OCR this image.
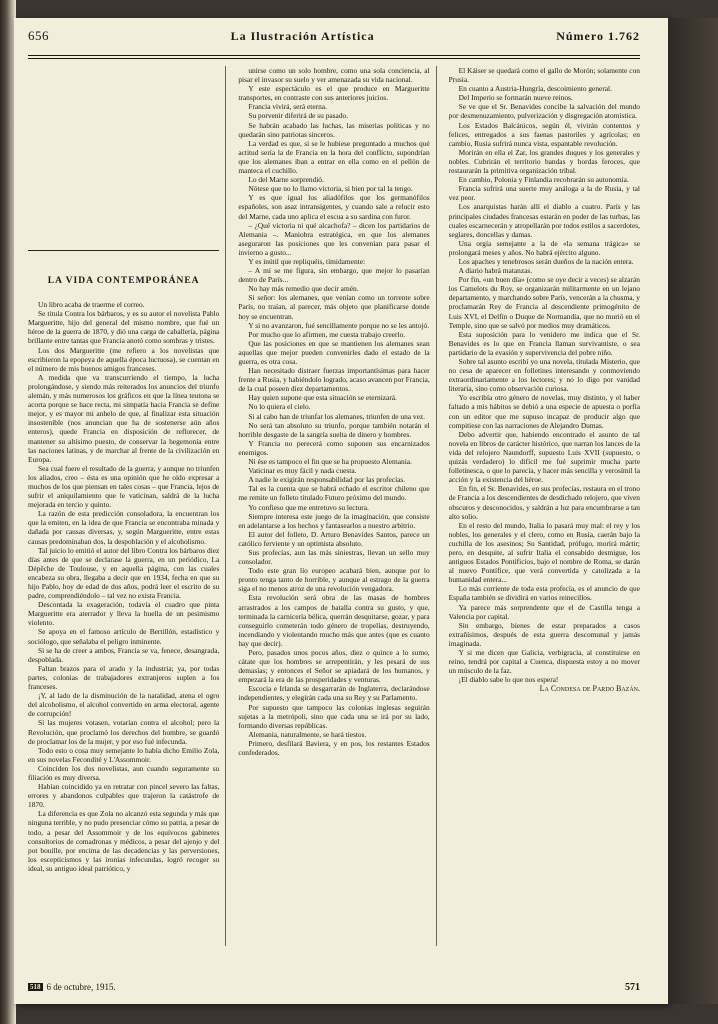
656	La Ilustración Artística	Número 1.762
LA VIDA CONTEMPORÁNEA

Un libro acaba de traerme el correo.

Se titula Contra los bárbaros, y es su autor el novelista Pablo Margueritte, hijo del general del mismo nombre, que fué un héroe de la guerra de 1870, y dió una carga de caballería, página brillante entre tantas que Francia anotó como sombras y tristes.

Los dos Margueritte (me refiero a los novelistas que escribieron la epopeya de aquella época luctuosa), se cuentan en el número de mis buenos amigos franceses.

A medida que va transcurriendo el tiempo, la lucha prolongándose, y siendo más reiterados los anuncios del triunfo alemán, y más numerosos los gráficos en que la línea teutona se acorta porque se hace recta, mi simpatía hacia Francia se define mejor, y es mayor mi anhelo de que, al finalizar esta situación insostenible (nos anuncian que ha de sostenerse aún años enteros), quede Francia en disposición de reflorecer, de mantener su altísimo puesto, de conservar la hegemonía entre las naciones latinas, y de marchar al frente de la civilización en Europa.

Sea cual fuere el resultado de la guerra, y aunque no triunfen los aliados, creo – ésta es una opinión que he oído expresar a muchos de los que piensan en tales cosas – que Francia, lejos de sufrir el aniquilamiento que le vaticinan, saldrá de la lucha mejorada en tercio y quinto.

La razón de esta predicción consoladora, la encuentran los que la emiten, en la idea de que Francia se encontraba minada y dañada por causas diversas, y, según Margueritte, entre estas causas predominaban dos, la despoblación y el alcoholismo.

Tal juicio lo emitió el autor del libro Contra los bárbaros diez días antes de que se declarase la guerra, en un periódico, La Dépêche de Toulouse, y en aquella página, con las cuales encabeza su obra, llegaba a decir que en 1934, fecha en que su hijo Pablo, hoy de edad de dos años, podrá leer el escrito de su padre, comprendiéndolo – tal vez no exista Francia.

Descontada la exageración, todavía el cuadro que pinta Margueritte era aterrador y lleva la huella de un pesimismo violento.

Se apoya en el famoso artículo de Bertillón, estadístico y sociólogo, que señalaba el peligro inminente.

Si se ha de creer a ambos, Francia se va, fenece, desangrada, despoblada.

Faltan brazos para el arado y la industria; ya, por todas partes, colonias de trabajadores extranjeros suplen a los franceses.

¡Y, al lado de la disminución de la natalidad, atena el ogro del alcoholismo, el alcohol convertido en arma electoral, agente de corrupción!

Si las mujeres votasen, votarían contra el alcohol; pero la Revolución, que proclamó los derechos del hombre, se guardó de proclamar los de la mujer, y por eso fué infecunda.

Todo esto o cosa muy semejante lo había dicho Emilio Zola, en sus novelas Fecondité y L'Assommoir.

Coinciden los dos novelistas, aun cuando seguramente su filiación es muy diversa.

Habían coincidido ya en retratar con pincel severo las faltas, errores y abandonos culpables que trajeron la catástrofe de 1870.

La diferencia es que Zola no alcanzó esta segunda y más que ninguna terrible, y no pudo presenciar cómo su patria, a pesar de todo, a pesar del Assommoir y de los equívocos gabinetes consultorios de comadronas y médicos, a pesar del ajenjo y del pot bouille, por encima de las decadencias y las perversiones, los escepticismos y las ironías infecundas, logró recoger su ideal, su antiguo ideal patriótico, y

unirse como un solo hombre, como una sola conciencia, al pisar el invasor su suelo y ver amenazada su vida nacional.

Y este espectáculo es el que produce en Margueritte transportes, en contraste con sus anteriores juicios.

Francia vivirá, será eterna.

Su porvenir diferirá de su pasado.

Se habrán acabado las luchas, las miserias políticas y no quedarán sino patriotas sinceros.

La verdad es que, si se le hubiese preguntado a muchos qué actitud sería la de Francia en la hora del conflicto, supondrían que los alemanes iban a entrar en ella como en el pellón de manteca el cuchillo.

Lo del Marne sorprendió.

Nótese que no lo llamo victoria, si bien por tal la tengo.

Y es que igual los aliadófilos que los germanófilos españoles, son asaz intransigentes, y cuando sale a relucir esto del Marne, cada uno aplica el escua a su sardina con furor.

– ¿Qué victoria ni qué alcachofa? – dicen los partidarios de Alemania –. Maniobra estratégica, en que los alemanes aseguraron las posiciones que les convenían para pasar el invierno a gusto...

Y es inútil que repliquéis, tímidamente:

– A mí se me figura, sin embargo, que mejor lo pasarían dentro de París...

No hay más remedio que decir amén.

Si señor: los alemanes, que venían como un torrente sobre París, no traían, al parecer, más objeto que planificarse donde hoy se encuentran.

Y si no avanzaron, fué sencillamente porque no se les antojó.

Por mucho que lo afirmen, me cuesta trabajo creerlo.

Que las posiciones en que se mantienen los alemanes sean aquellas que mejor pueden convenirles dado el estado de la guerra, es otra cosa.

Han necesitado distraer fuerzas importantísimas para hacer frente a Rusia, y habiéndolo logrado, acaso avancen por Francia, de la cual poseen diez departamentos.

Hay quien supone que esta situación se eternizará.

No lo quiera el cielo.

Si al cabo han de triunfar los alemanes, triunfen de una vez.

No será tan absoluto su triunfo, porque también notarán el horrible desgaste de la sangría suelta de dinero y hombres.

Y Francia no perecerá como suponen sus encarnizados enemigos.

Ni ése es tampoco el fin que se ha propuesto Alemania.

Vaticinar es muy fácil y nada cuesta.

A nadie le exigirán responsabilidad por las profecías.

Tal es la cuenta que se habrá echado el escritor chileno que me remite un folleto titulado Futuro próximo del mundo.

Yo confieso que me entretuvo su lectura.

Siempre interesa este juego de la imaginación, que consiste en adelantarse a los hechos y fantasearlos a nuestro arbitrio.

El autor del folleto, D. Arturo Benavides Santos, parece un católico ferviente y un optimista absoluto.

Sus profecías, aun las más siniestras, llevan un sello muy consolador.

Todo este gran lío europeo acabará bien, aunque por lo pronto tenga tanto de horrible, y aunque al estrago de la guerra siga el no menos atroz de una revolución vengadora.

Esta revolución será obra de las masas de hombres arrastrados a los campos de batalla contra su gusto, y que, terminada la carnicería bélica, querrán desquitarse, gozar, y para conseguirlo cometerán todo género de tropelías, destruyendo, incendiando y violentando mucho más que antes (que es cuanto hay que decir).

Pero, pasados unos pocos años, diez o quince a lo sumo, cátate que los hombres se arrepentirán, y les pesará de sus demasías; y entonces el Señor se apiadará de los humanos, y empezará la era de las prosperidades y venturas.

Escocia e Irlanda se desgarrarán de Inglaterra, declarándose independientes, y elegirán cada una su Rey y su Parlamento.

Por supuesto que tampoco las colonias inglesas seguirán sujetas a la metrópoli, sino que cada una se irá por su lado, formando diversas repúblicas.

Alemania, naturalmente, se hará tiestos.

Primero, desfilará Baviera, y en pos, los restantes Estados confederados.

El Káiser se quedará como el gallo de Morón; solamente con Prusia.

En cuanto a Austria-Hungría, descoimiento general.

Del Imperio se formarán nueve reinos.

Se ve que el Sr. Benavides concibe la salvación del mundo por desmenuzamiento, pulverización y disgregación atomística.

Los Estados Balcánicos, según él, vivirán contentos y felices, entregados a sus faenas pastoriles y agrícolas; en cambio, Rusia sufrirá nunca vista, espantable revolución.

Morirán en ella el Zar, los grandes duques y los generales y nobles. Cubrirán el territorio bandas y hordas feroces, que restaurarán la primitiva organización tribal.

En cambio, Polonia y Finlandia recobrarán su autonomía.

Francia sufrirá una suerte muy análoga a la de Rusia, y tal vez peor.

Los anarquistas harán allí el diablo a cuatro. París y las principales ciudades francesas estarán en poder de las turbas, las cuales escarnecerán y atropellarán por todos estilos a sacerdotes, seglares, doncellas y damas.

Una orgía semejante a la de «la semana trágica» se prolongará meses y años. No habrá ejército alguno.

Los apaches y tenebrosos serán dueños de la nación entera.

A diario habrá matanzas.

Por fin, «un buen día» (como se oye decir a veces) se alzarán los Camelots du Roy, se organizarán militarmente en un lejano departamento, y marchando sobre París, vencerán a la chusma, y proclamarán Rey de Francia al descendiente primogénito de Luis XVI, el Delfín o Duque de Normandía, que no murió en el Temple, sino que se salvó por medios muy dramáticos.

Esta suposición para lo venidero me indica que el Sr. Benavides es lo que en Francia llaman survivantiste, o sea partidario de la evasión y supervivencia del pobre niño.

Sobre tal asunto escribí yo una novela, titulada Misterio, que no cesa de aparecer en folletines interesando y conmoviendo extraordinariamente a los lectores; y no lo digo por vanidad literaria, sino como observación curiosa.

Yo escribía otro género de novelas, muy distinto, y el haber faltado a mis hábitos se debió a una especie de apuesta o porfía con un editor que me supuso incapaz de producir algo que compitiese con las narraciones de Alejandro Dumas.

Debo advertir que, habiendo encontrado el asunto de tal novela en libros de carácter histórico, que narran los lances de la vida del relojero Naundorff, supuesto Luis XVII (supuesto, o quizás verdadero) lo difícil me fué suprimir mucha parte folletinesca, o que lo parecía, y hacer más sencilla y verosímil la acción y la existencia del héroe.

En fin, el Sr. Benavides, en sus profecías, restaura en el trono de Francia a los descendientes de desdichado relojero, que viven obscuros y desconocidos, y saldrán a luz para encumbrarse a tan alto solio.

En el resto del mundo, Italia lo pasará muy mal: el rey y los nobles, los generales y el clero, como en Rusia, caerán bajo la cuchilla de los asesinos; Su Santidad, prófugo, morirá mártir; pero, en desquite, al sufrir Italia el consabido desmigue, los antiguos Estados Pontificios, bajo el nombre de Roma, se darán al nuevo Pontífice, que verá convertida y catolizada a la humanidad entera...

Lo más corriente de toda esta profecía, es el anuncio de que España también se dividirá en varios reinecillos.

Ya parece más sorprendente que el de Castilla tenga a Valencia por capital.

Sin embargo, bienes de estar preparados a casos extrañísimos, después de esta guerra descomunal y jamás imaginada.

Y si me dicen que Galicia, verbigracia, al constituirse en reino, tendrá por capital a Cuenca, dispuesta estoy a no mover un músculo de la faz.

¡El diablo sabe lo que nos espera!

La Condesa de Pardo Bazán.

518 6 de octubre, 1915.	571
